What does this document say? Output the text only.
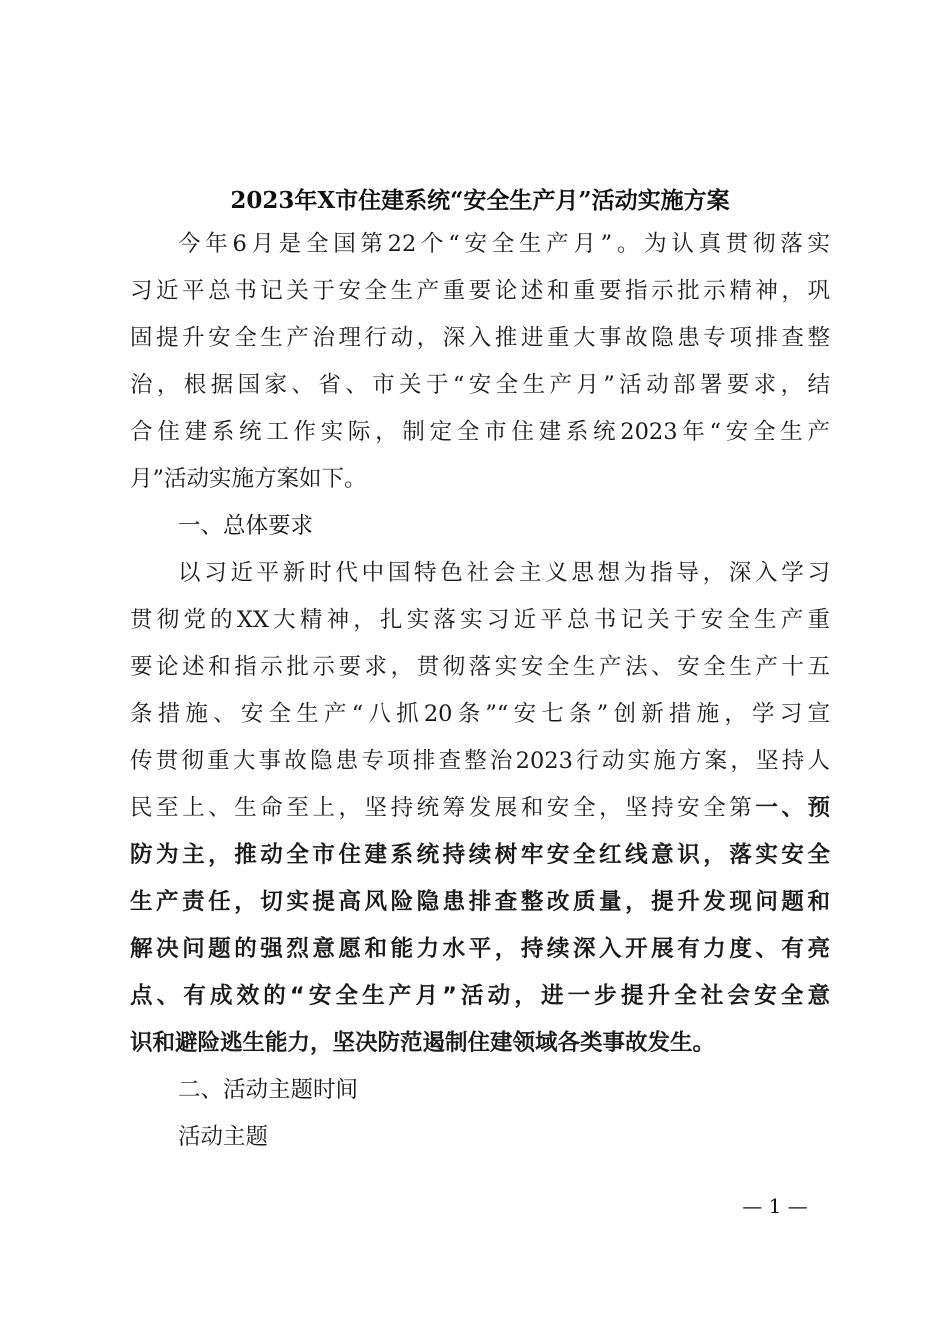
2023年X市住建系统“安全生产月”活动实施方案
今年6月是全国第22个“安全生产月”。为认真贯彻落实
习近平总书记关于安全生产重要论述和重要指示批示精神，巩
固提升安全生产治理行动，深入推进重大事故隐患专项排查整
治，根据国家、省、市关于“安全生产月”活动部署要求，结
合住建系统工作实际，制定全市住建系统2023年“安全生产
月”活动实施方案如下。
一、总体要求
以习近平新时代中国特色社会主义思想为指导，深入学习
贯彻党的XX大精神，扎实落实习近平总书记关于安全生产重
要论述和指示批示要求，贯彻落实安全生产法、安全生产十五
条措施、安全生产“八抓20条”“安七条”创新措施，学习宣
传贯彻重大事故隐患专项排查整治2023行动实施方案，坚持人
民至上、生命至上，坚持统筹发展和安全，坚持安全第一、预
防为主，推动全市住建系统持续树牢安全红线意识，落实安全
生产责任，切实提高风险隐患排查整改质量，提升发现问题和
解决问题的强烈意愿和能力水平，持续深入开展有力度、有亮
点、有成效的“安全生产月”活动，进一步提升全社会安全意
识和避险逃生能力，坚决防范遏制住建领域各类事故发生。
二、活动主题时间
活动主题
— 1 —
